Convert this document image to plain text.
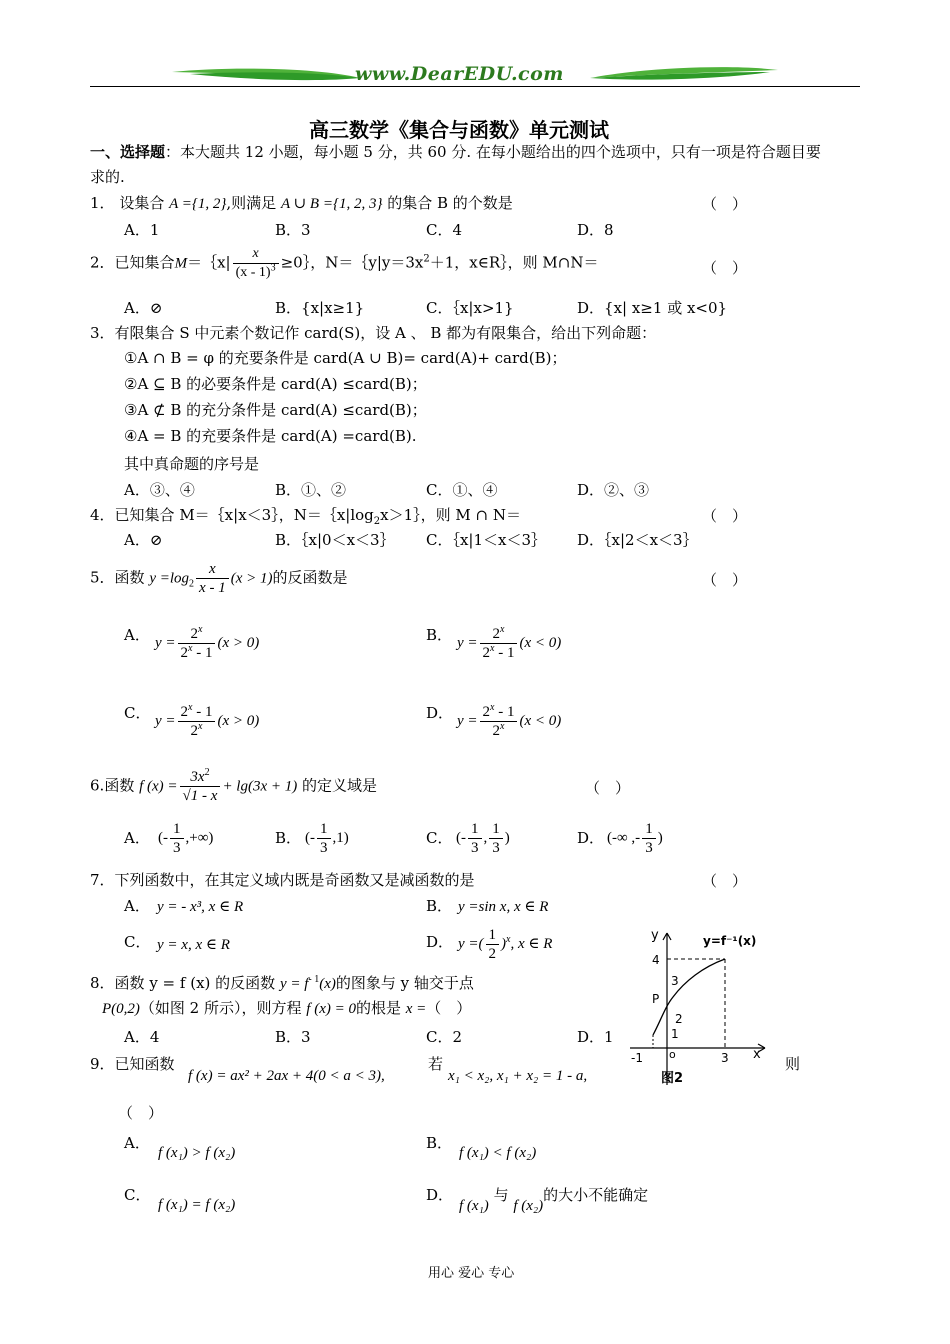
www.DearEDU.com
高三数学《集合与函数》单元测试
一、选择题：本大题共 12 小题，每小题 5 分，共 60 分. 在每小题给出的四个选项中，只有一项是符合题目要
求的.
1． 设集合 A ={1, 2},则满足 A ∪ B ={1, 2, 3} 的集合 B 的个数是	（　）
A．1	B．3	C．4	D．8
2．已知集合M＝｛x| $\frac{x}{(x - 1)^3}$ ≥0｝，$N=\{y|y=3x^2+1$，x∈R｝，则 M∩N＝	（　）
A．⊘	B．{x|x≥1}	C．｛x|x>1}	D．{x| x≥1 或 x<0}
3．有限集合 S 中元素个数记作 card(S)，设 A 、 B 都为有限集合，给出下列命题：
①A ∩ B = φ 的充要条件是 card(A ∪ B)= card(A)+ card(B)；
②A ⊆ B 的必要条件是 card(A) ≤card(B)；
③A ⊄ B 的充分条件是 card(A) ≤card(B)；
④A = B 的充要条件是 card(A) =card(B).
其中真命题的序号是
A．③、④	B．①、②	C．①、④	D．②、③
4．已知集合 M＝｛x|x＜3｝，$N=\{x|\log_2x>1\}$，则 M ∩ N＝	（　）
A．⊘	B．｛x|0＜x＜3｝ C．｛x|1＜x＜3｝ D．｛x|2＜x＜3｝
5．函数 $y =\log_2 \frac{x}{x - 1} (x > 1)$的反函数是	（　）
A． $y = \frac{2^x}{2^x - 1} (x > 0)$	B． $y = \frac{2^x}{2^x - 1} (x < 0)$
C． $y = \frac{2^x - 1}{2^x} (x > 0)$	D． $y = \frac{2^x - 1}{2^x} (x < 0)$
6.函数 f $(x) = \frac{3x^2}{√1 - x} + \lg(3x + 1)$ 的定义域是	（　）
A． (- $\frac{1}{3}$ ,+∞)	B． (- $\frac{1}{3} ,1$)	C． (- $\frac{1}{3}$ , $\frac{1}{3}$ )	D． (-∞ ,- $\frac{1}{3}$ )
7．下列函数中，在其定义域内既是奇函数又是减函数的是	（　）
A． y = - x³, x ∈ R	B． y =sin x, x ∈ R
C． y = x, x ∈ R	D． y =( $\frac{1}{2} )^x$, x ∈ R
y	y=f⁻¹(x)
4
3
P
2
1
-1 o	3 x
图2
8．函数 y = f (x) 的反函数 $y = f^{- 1}(x)$的图象与 y 轴交于点
P(0,2)（如图 2 所示），则方程 f (x) = 0的根是 x =（　）
A．4	B．3	C．2	D．1
9．已知函数
f (x) = ax² + 2ax + 4(0 < a < 3),
若
x₁ < x₂, x₁ + x₂ = 1 - a,
则
（　）
A．
f (x₁) > f (x₂)
B．
f (x₁) < f (x₂)
C．
f (x₁) = f (x₂)
D．
f (x₁) 与 f (x₂)的大小不能确定
用心 爱心 专心
